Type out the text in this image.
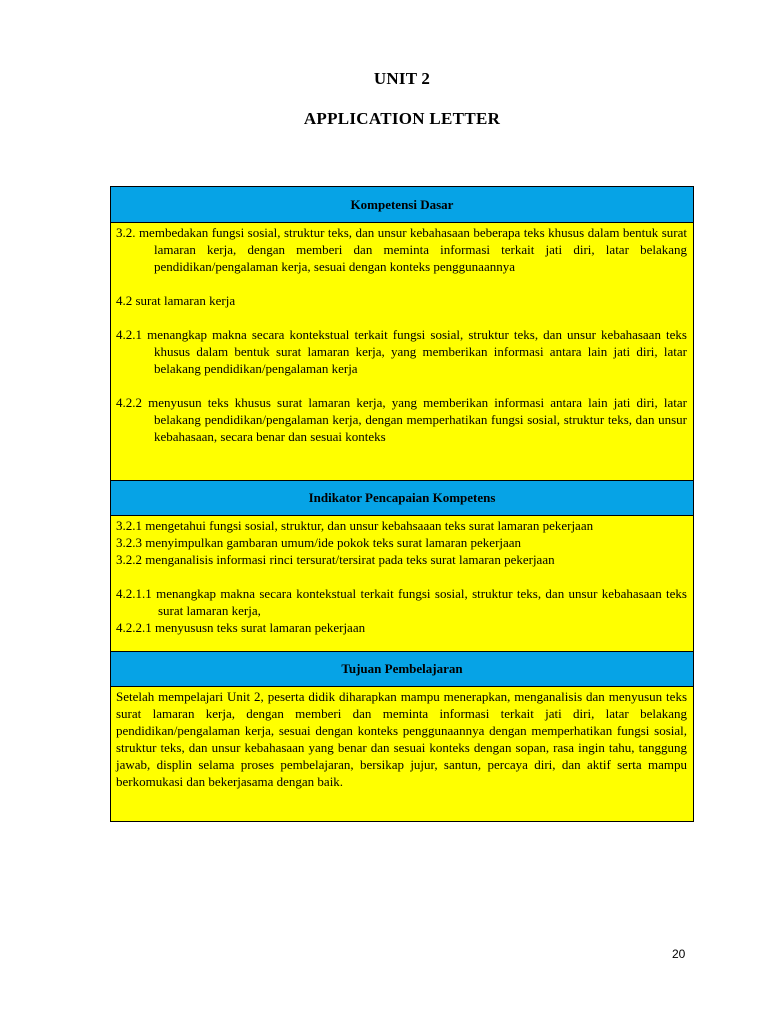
UNIT 2
APPLICATION LETTER
Kompetensi Dasar

3.2. membedakan fungsi sosial, struktur teks, dan unsur kebahasaan beberapa teks khusus dalam bentuk surat lamaran kerja, dengan memberi dan meminta informasi terkait jati diri, latar belakang pendidikan/pengalaman kerja, sesuai dengan konteks penggunaannya

4.2 surat lamaran kerja

4.2.1 menangkap makna secara kontekstual terkait fungsi sosial, struktur teks, dan unsur kebahasaan teks khusus dalam bentuk surat lamaran kerja, yang memberikan informasi antara lain jati diri, latar belakang pendidikan/pengalaman kerja

4.2.2 menyusun teks khusus surat lamaran kerja, yang memberikan informasi antara lain jati diri, latar belakang pendidikan/pengalaman kerja, dengan memperhatikan fungsi sosial, struktur teks, dan unsur kebahasaan, secara benar dan sesuai konteks

Indikator Pencapaian Kompetens

3.2.1 mengetahui fungsi sosial, struktur, dan unsur kebahsaaan teks surat lamaran pekerjaan

3.2.3 menyimpulkan gambaran umum/ide pokok teks surat lamaran pekerjaan

3.2.2 menganalisis informasi rinci tersurat/tersirat pada teks surat lamaran pekerjaan

4.2.1.1 menangkap makna secara kontekstual terkait fungsi sosial, struktur teks, dan unsur kebahasaan teks surat lamaran kerja,

4.2.2.1 menyususn teks surat lamaran pekerjaan

Tujuan Pembelajaran

Setelah mempelajari Unit 2, peserta didik diharapkan mampu menerapkan, menganalisis dan menyusun teks surat lamaran kerja, dengan memberi dan meminta informasi terkait jati diri, latar belakang pendidikan/pengalaman kerja, sesuai dengan konteks penggunaannya dengan memperhatikan fungsi sosial, struktur teks, dan unsur kebahasaan yang benar dan sesuai konteks dengan sopan, rasa ingin tahu, tanggung jawab, displin selama proses pembelajaran, bersikap jujur, santun, percaya diri, dan aktif serta mampu berkomukasi dan bekerjasama dengan baik.

20
